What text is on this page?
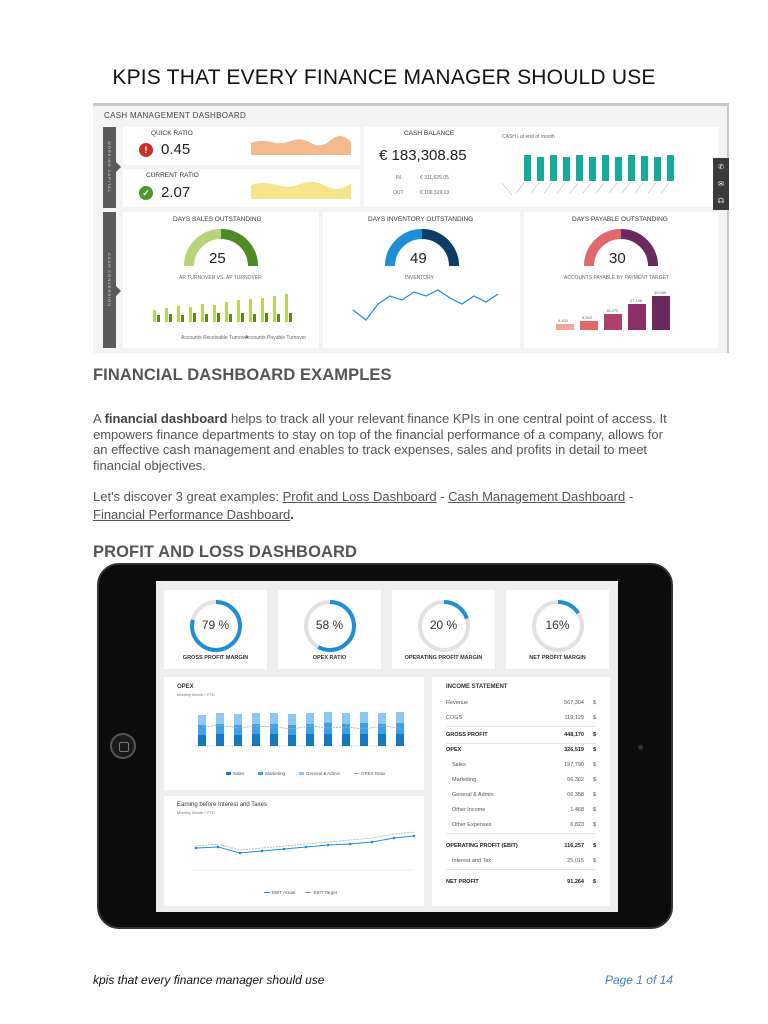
KPIS THAT EVERY FINANCE MANAGER SHOULD USE
CASH MANAGEMENT DASHBOARD
WORKING CAPITAL
CASH CONVERSION
QUICK RATIO
! 0.45
CURRENT RATIO
✓ 2.07
CASH BALANCE
€ 183,308.85
IN	€ 311,625.05
OUT	€ 106,319.13
CASH | at end of month
✆
✉
☊
DAYS SALES OUTSTANDING
25
AR TURNOVER VS. AP TURNOVER
Accounts Receivable Turnover
Accounts Payable Turnover
DAYS INVENTORY OUTSTANDING
49
INVENTORY
DAYS PAYABLE OUTSTANDING
30
ACCOUNTS PAYABLE BY PAYMENT TARGET
4,100
5,540
16,270
27,108
35,099
FINANCIAL DASHBOARD EXAMPLES
A financial dashboard helps to track all your relevant finance KPIs in one central point of access. It empowers finance departments to stay on top of the financial performance of a company, allows for an effective cash management and enables to track expenses, sales and profits in detail to meet financial objectives.
Let's discover 3 great examples: Profit and Loss Dashboard - Cash Management Dashboard - Financial Performance Dashboard.
PROFIT AND LOSS DASHBOARD
79 %
GROSS PROFIT MARGIN
58 %
OPEX RATIO
20 %
OPERATING PROFIT MARGIN
16%
NET PROFIT MARGIN
OPEX
Monthly Month / YTD
Sales	Marketing	General & Admin	OPEX Ratio
Earning before Interest and Taxes
Monthly Month / YTD
EBIT Actual	EBIT Target
INCOME STATEMENT
Revenue	567,304 $
COGS	119,129 $
GROSS PROFIT	448,170 $
OPEX	326,519 $
Sales	197,790 $
Marketing	66,362 $
General & Admin	66,358 $
Other Income	1,468 $
Other Expenses	6,823 $
OPERATING PROFIT (EBIT)	116,257 $
Interest and Tax	25,015 $
NET PROFIT	91,264 $
kpis that every finance manager should use	Page 1 of 14
